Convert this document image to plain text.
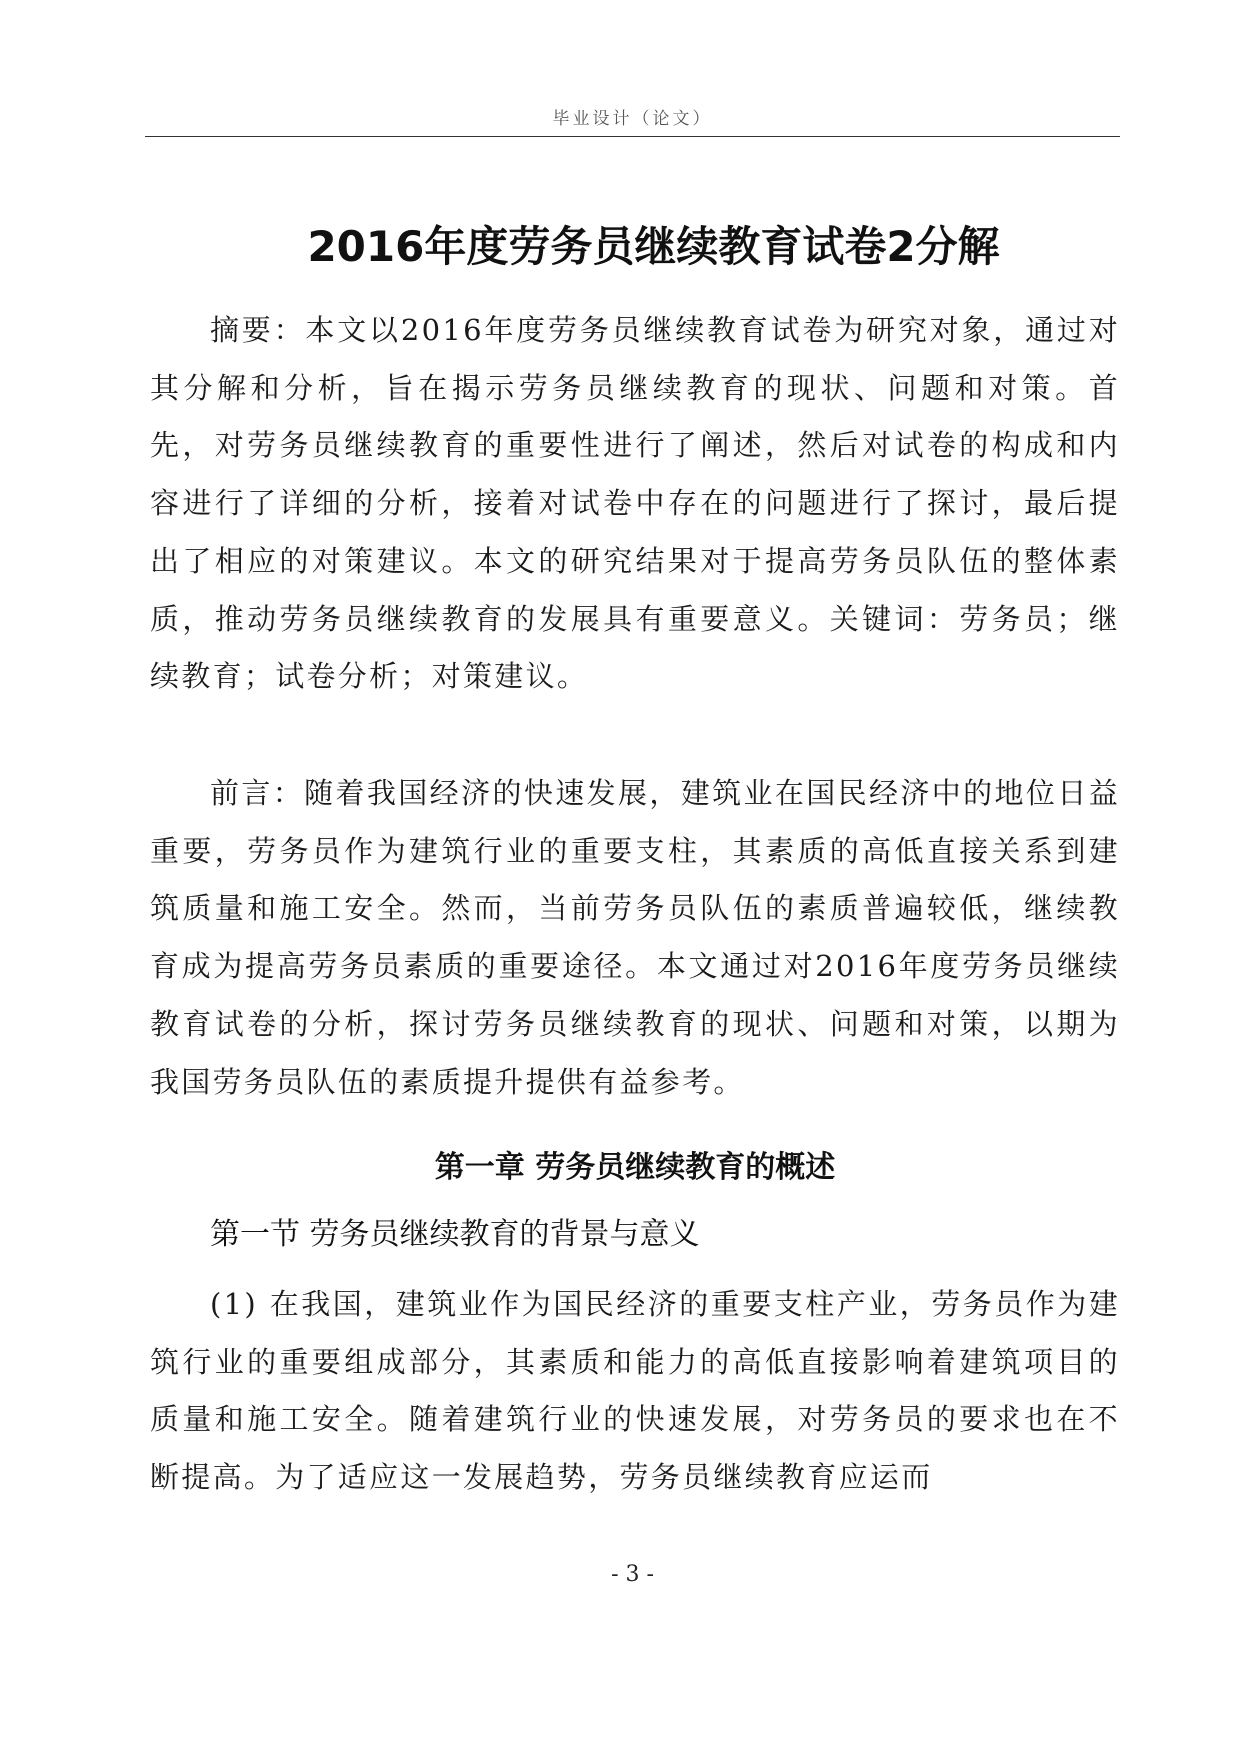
毕业设计（论文）
2016年度劳务员继续教育试卷2分解

摘要：本文以2016年度劳务员继续教育试卷为研究对象，通过对其分解和分析，旨在揭示劳务员继续教育的现状、问题和对策。首先，对劳务员继续教育的重要性进行了阐述，然后对试卷的构成和内容进行了详细的分析，接着对试卷中存在的问题进行了探讨，最后提出了相应的对策建议。本文的研究结果对于提高劳务员队伍的整体素质，推动劳务员继续教育的发展具有重要意义。关键词：劳务员；继续教育；试卷分析；对策建议。

前言：随着我国经济的快速发展，建筑业在国民经济中的地位日益重要，劳务员作为建筑行业的重要支柱，其素质的高低直接关系到建筑质量和施工安全。然而，当前劳务员队伍的素质普遍较低，继续教育成为提高劳务员素质的重要途径。本文通过对2016年度劳务员继续教育试卷的分析，探讨劳务员继续教育的现状、问题和对策，以期为我国劳务员队伍的素质提升提供有益参考。

第一章 劳务员继续教育的概述
第一节 劳务员继续教育的背景与意义

(1) 在我国，建筑业作为国民经济的重要支柱产业，劳务员作为建筑行业的重要组成部分，其素质和能力的高低直接影响着建筑项目的质量和施工安全。随着建筑行业的快速发展，对劳务员的要求也在不断提高。为了适应这一发展趋势，劳务员继续教育应运而

- 3 -
